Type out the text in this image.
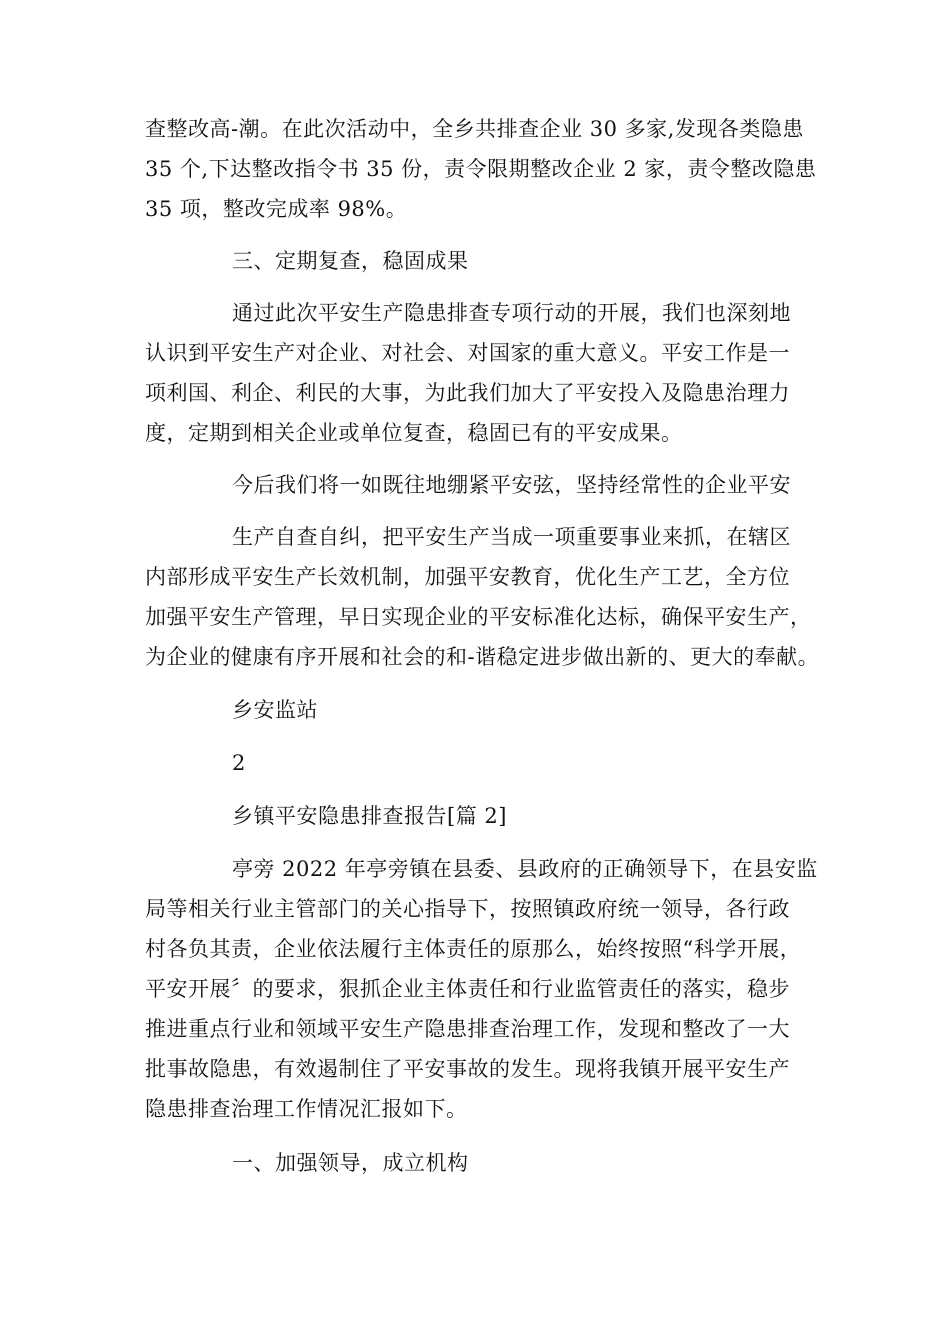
查整改高-潮。在此次活动中，全乡共排查企业 30 多家,发现各类隐患
35 个,下达整改指令书 35 份，责令限期整改企业 2 家，责令整改隐患
35 项，整改完成率 98%。
三、定期复查，稳固成果
通过此次平安生产隐患排查专项行动的开展，我们也深刻地
认识到平安生产对企业、对社会、对国家的重大意义。平安工作是一
项利国、利企、利民的大事，为此我们加大了平安投入及隐患治理力
度，定期到相关企业或单位复查，稳固已有的平安成果。
今后我们将一如既往地绷紧平安弦，坚持经常性的企业平安
生产自查自纠，把平安生产当成一项重要事业来抓，在辖区
内部形成平安生产长效机制，加强平安教育，优化生产工艺，全方位
加强平安生产管理，早日实现企业的平安标准化达标，确保平安生产，
为企业的健康有序开展和社会的和-谐稳定进步做出新的、更大的奉献。
乡安监站
2
乡镇平安隐患排查报告[篇 2]
亭旁 2022 年亭旁镇在县委、县政府的正确领导下，在县安监
局等相关行业主管部门的关心指导下，按照镇政府统一领导，各行政
村各负其责，企业依法履行主体责任的原那么，始终按照“科学开展，
平安开展〞的要求，狠抓企业主体责任和行业监管责任的落实，稳步
推进重点行业和领域平安生产隐患排查治理工作，发现和整改了一大
批事故隐患，有效遏制住了平安事故的发生。现将我镇开展平安生产
隐患排查治理工作情况汇报如下。
一、加强领导，成立机构
